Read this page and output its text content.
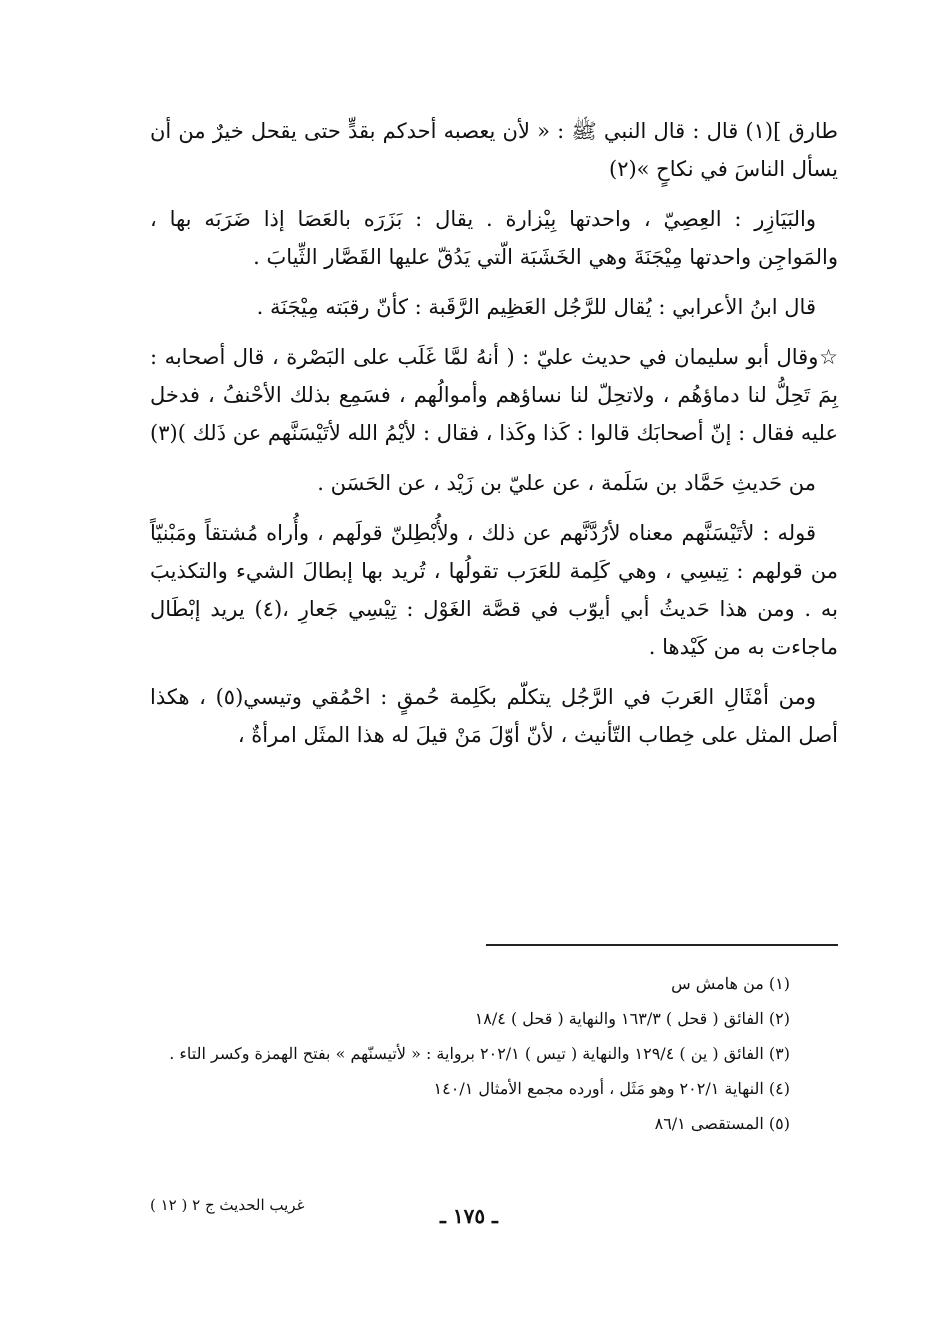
طارق ](١) قال : قال النبي ﷺ : « لأن يعصبه أحدكم بقدٍّ حتى يقحل خيرٌ من أن يسأل الناسَ في نكاحٍ »(٢)

والبَيَازِر : العِصِيّ ، واحدتها بِيْزارة . يقال : بَزَرَه بالعَصَا إذا ضَرَبَه بها ، والمَواجِن واحدتها مِيْجَنَةَ وهي الخَشَبَة الّتي يَدُقّ عليها القَصَّار الثِّيابَ .

قال ابنُ الأعرابي : يُقال للرَّجُل العَظِيم الرَّقَبة : كأنّ رقبَته مِيْجَنَة .

☆وقال أبو سليمان في حديث عليّ : ( أنهُ لمَّا غَلَب على البَصْرة ، قال أصحابه : بِمَ تَحِلُّ لنا دماؤهُم ، ولاتحِلّ لنا نساؤهم وأموالُهم ، فسَمِع بذلك الأحْنفُ ، فدخل عليه فقال : إنّ أصحابَك قالوا : كَذا وكَذا ، فقال : لأيْمُ الله لأتَيْسَنَّهم عن ذَلك )(٣)

من حَديثِ حَمَّاد بن سَلَمة ، عن عليّ بن زَيْد ، عن الحَسَن .

قوله : لأتَيْسَنَّهم معناه لأرُدَّنَّهم عن ذلك ، ولأُبْطِلنّ قولَهم ، وأُراه مُشتقاً ومَبْنيّاً من قولهم : تِيسِي ، وهي كَلِمة للعَرَب تقولُها ، تُريد بها إبطالَ الشيء والتكذيبَ به . ومن هذا حَديثُ أبي أيوّب في قصَّة الغَوْل : تِيْسِي جَعارِ ،(٤) يريد إبْطَال ماجاءت به من كَيْدها .

ومن أمْثَالِ العَربَ في الرَّجُل يتكلّم بكَلِمة حُمقٍ : احْمُقي وتيسي(٥) ، هكذا أصل المثل على خِطاب التّأنيث ، لأنّ أوّلَ مَنْ قيلَ له هذا المثَل امرأةٌ ،

(١) من هامش س

(٢) الفائق ( قحل ) ١٦٣/٣ والنهاية ( قحل ) ١٨/٤

(٣) الفائق ( ين ) ١٢٩/٤ والنهاية ( تيس ) ٢٠٢/١ برواية : « لأتيسنّهم » بفتح الهمزة وكسر التاء .

(٤) النهاية ٢٠٢/١ وهو مَثَل ، أورده مجمع الأمثال ١٤٠/١

(٥) المستقصى ٨٦/١

غريب الحديث ج ٢ ( ١٢ )	ـ ١٧٥ ـ
